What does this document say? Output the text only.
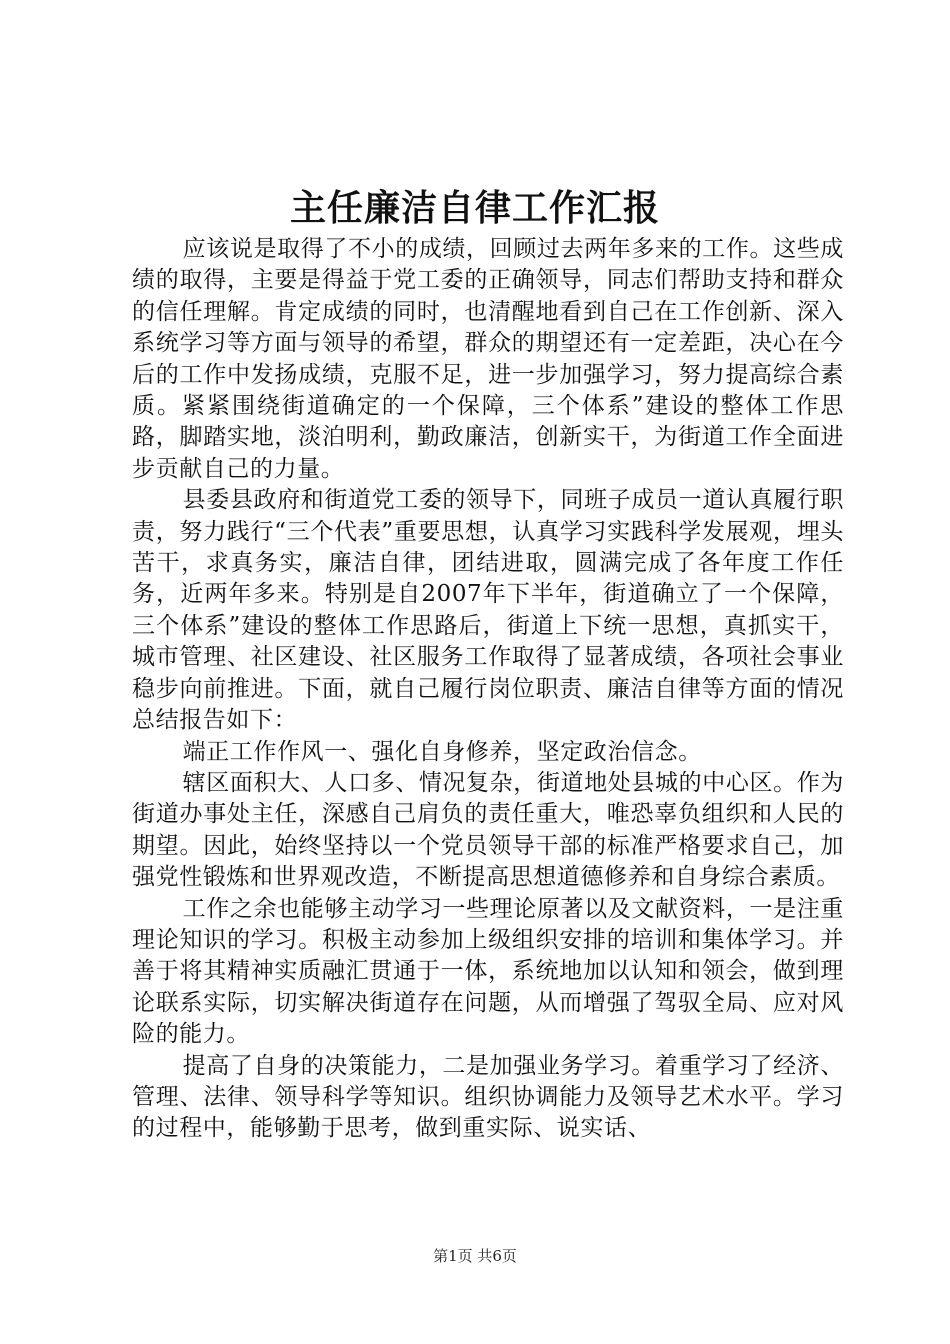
主任廉洁自律工作汇报

应该说是取得了不小的成绩，回顾过去两年多来的工作。这些成绩的取得，主要是得益于党工委的正确领导，同志们帮助支持和群众的信任理解。肯定成绩的同时，也清醒地看到自己在工作创新、深入系统学习等方面与领导的希望，群众的期望还有一定差距，决心在今后的工作中发扬成绩，克服不足，进一步加强学习，努力提高综合素质。紧紧围绕街道确定的一个保障，三个体系”建设的整体工作思路，脚踏实地，淡泊明利，勤政廉洁，创新实干，为街道工作全面进步贡献自己的力量。

县委县政府和街道党工委的领导下，同班子成员一道认真履行职责，努力践行“三个代表”重要思想，认真学习实践科学发展观，埋头苦干，求真务实，廉洁自律，团结进取，圆满完成了各年度工作任务，近两年多来。特别是自2007年下半年，街道确立了一个保障，三个体系”建设的整体工作思路后，街道上下统一思想，真抓实干，城市管理、社区建设、社区服务工作取得了显著成绩，各项社会事业稳步向前推进。下面，就自己履行岗位职责、廉洁自律等方面的情况总结报告如下：

端正工作作风一、强化自身修养，坚定政治信念。

辖区面积大、人口多、情况复杂，街道地处县城的中心区。作为街道办事处主任，深感自己肩负的责任重大，唯恐辜负组织和人民的期望。因此，始终坚持以一个党员领导干部的标准严格要求自己，加强党性锻炼和世界观改造，不断提高思想道德修养和自身综合素质。

工作之余也能够主动学习一些理论原著以及文献资料，一是注重理论知识的学习。积极主动参加上级组织安排的培训和集体学习。并善于将其精神实质融汇贯通于一体，系统地加以认知和领会，做到理论联系实际，切实解决街道存在问题，从而增强了驾驭全局、应对风险的能力。

提高了自身的决策能力，二是加强业务学习。着重学习了经济、管理、法律、领导科学等知识。组织协调能力及领导艺术水平。学习的过程中，能够勤于思考，做到重实际、说实话、

第1页 共6页
